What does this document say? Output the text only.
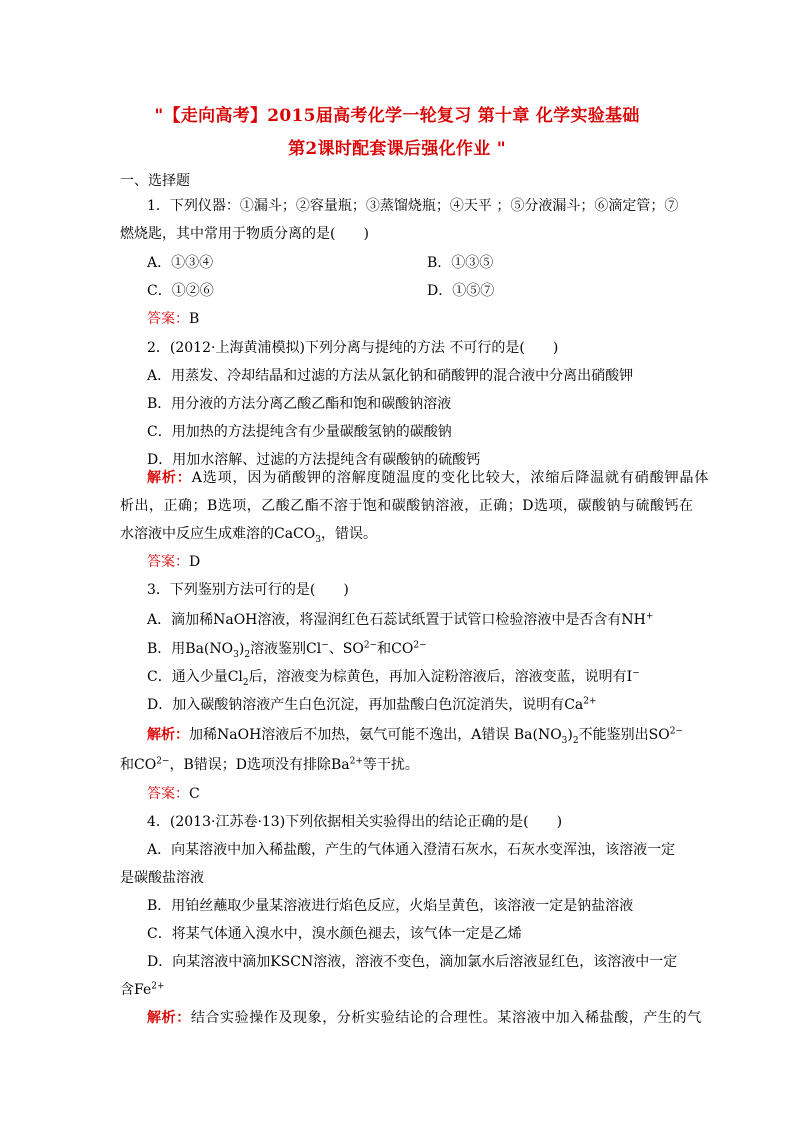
"【走向高考】2015届高考化学一轮复习 第十章 化学实验基础
第2课时配套课后强化作业 "
一、选择题
1．下列仪器：①漏斗；②容量瓶；③蒸馏烧瓶；④天平 ；⑤分液漏斗；⑥滴定管；⑦
燃烧匙，其中常用于物质分离的是(　　)
A．①③④	B．①③⑤
C．①②⑥	D．①⑤⑦
答案：B
2．(2012·上海黄浦模拟)下列分离与提纯的方法 不可行的是(　　)
A．用蒸发、冷却结晶和过滤的方法从氯化钠和硝酸钾的混合液中分离出硝酸钾
B．用分液的方法分离乙酸乙酯和饱和碳酸钠溶液
C．用加热的方法提纯含有少量碳酸氢钠的碳酸钠
D．用加水溶解、过滤的方法提纯含有碳酸钠的硫酸钙
解析：A选项，因为硝酸钾的溶解度随温度的变化比较大，浓缩后降温就有硝酸钾晶体
析出，正确；B选项，乙酸乙酯不溶于饱和碳酸钠溶液，正确；D选项，碳酸钠与硫酸钙在
水溶液中反应生成难溶的CaCO$_3$，错误。
答案：D
3．下列鉴别方法可行的是(　　)
A．滴加稀NaOH溶液，将湿润红色石蕊试纸置于试管口检验溶液中是否含有NH+
B．用$Ba(NO_3)_2$溶液鉴别Cl−、$SO^{2-}$和$CO^{2-}$
C．通入少量$Cl_2$后，溶液变为棕黄色，再加入淀粉溶液后，溶液变蓝，说明有I−
D．加入碳酸钠溶液产生白色沉淀，再加盐酸白色沉淀消失，说明有$Ca^{2+}$
解析：加稀NaOH溶液后不加热，氨气可能不逸出，A错误 $Ba(NO_3)_2$不能鉴别出$SO^{2-}$
和$CO^{2-}$，B错误；D选项没有排除$Ba^{2+}$等干扰。
答案：C
4．(2013·江苏卷·13)下列依据相关实验得出的结论正确的是(　　)
A．向某溶液中加入稀盐酸，产生的气体通入澄清石灰水，石灰水变浑浊，该溶液一定
是碳酸盐溶液
B．用铂丝蘸取少量某溶液进行焰色反应，火焰呈黄色，该溶液一定是钠盐溶液
C．将某气体通入溴水中，溴水颜色褪去，该气体一定是乙烯
D．向某溶液中滴加KSCN溶液，溶液不变色，滴加氯水后溶液显红色，该溶液中一定
含$Fe^{2+}$
解析：结合实验操作及现象，分析实验结论的合理性。某溶液中加入稀盐酸，产生的气
